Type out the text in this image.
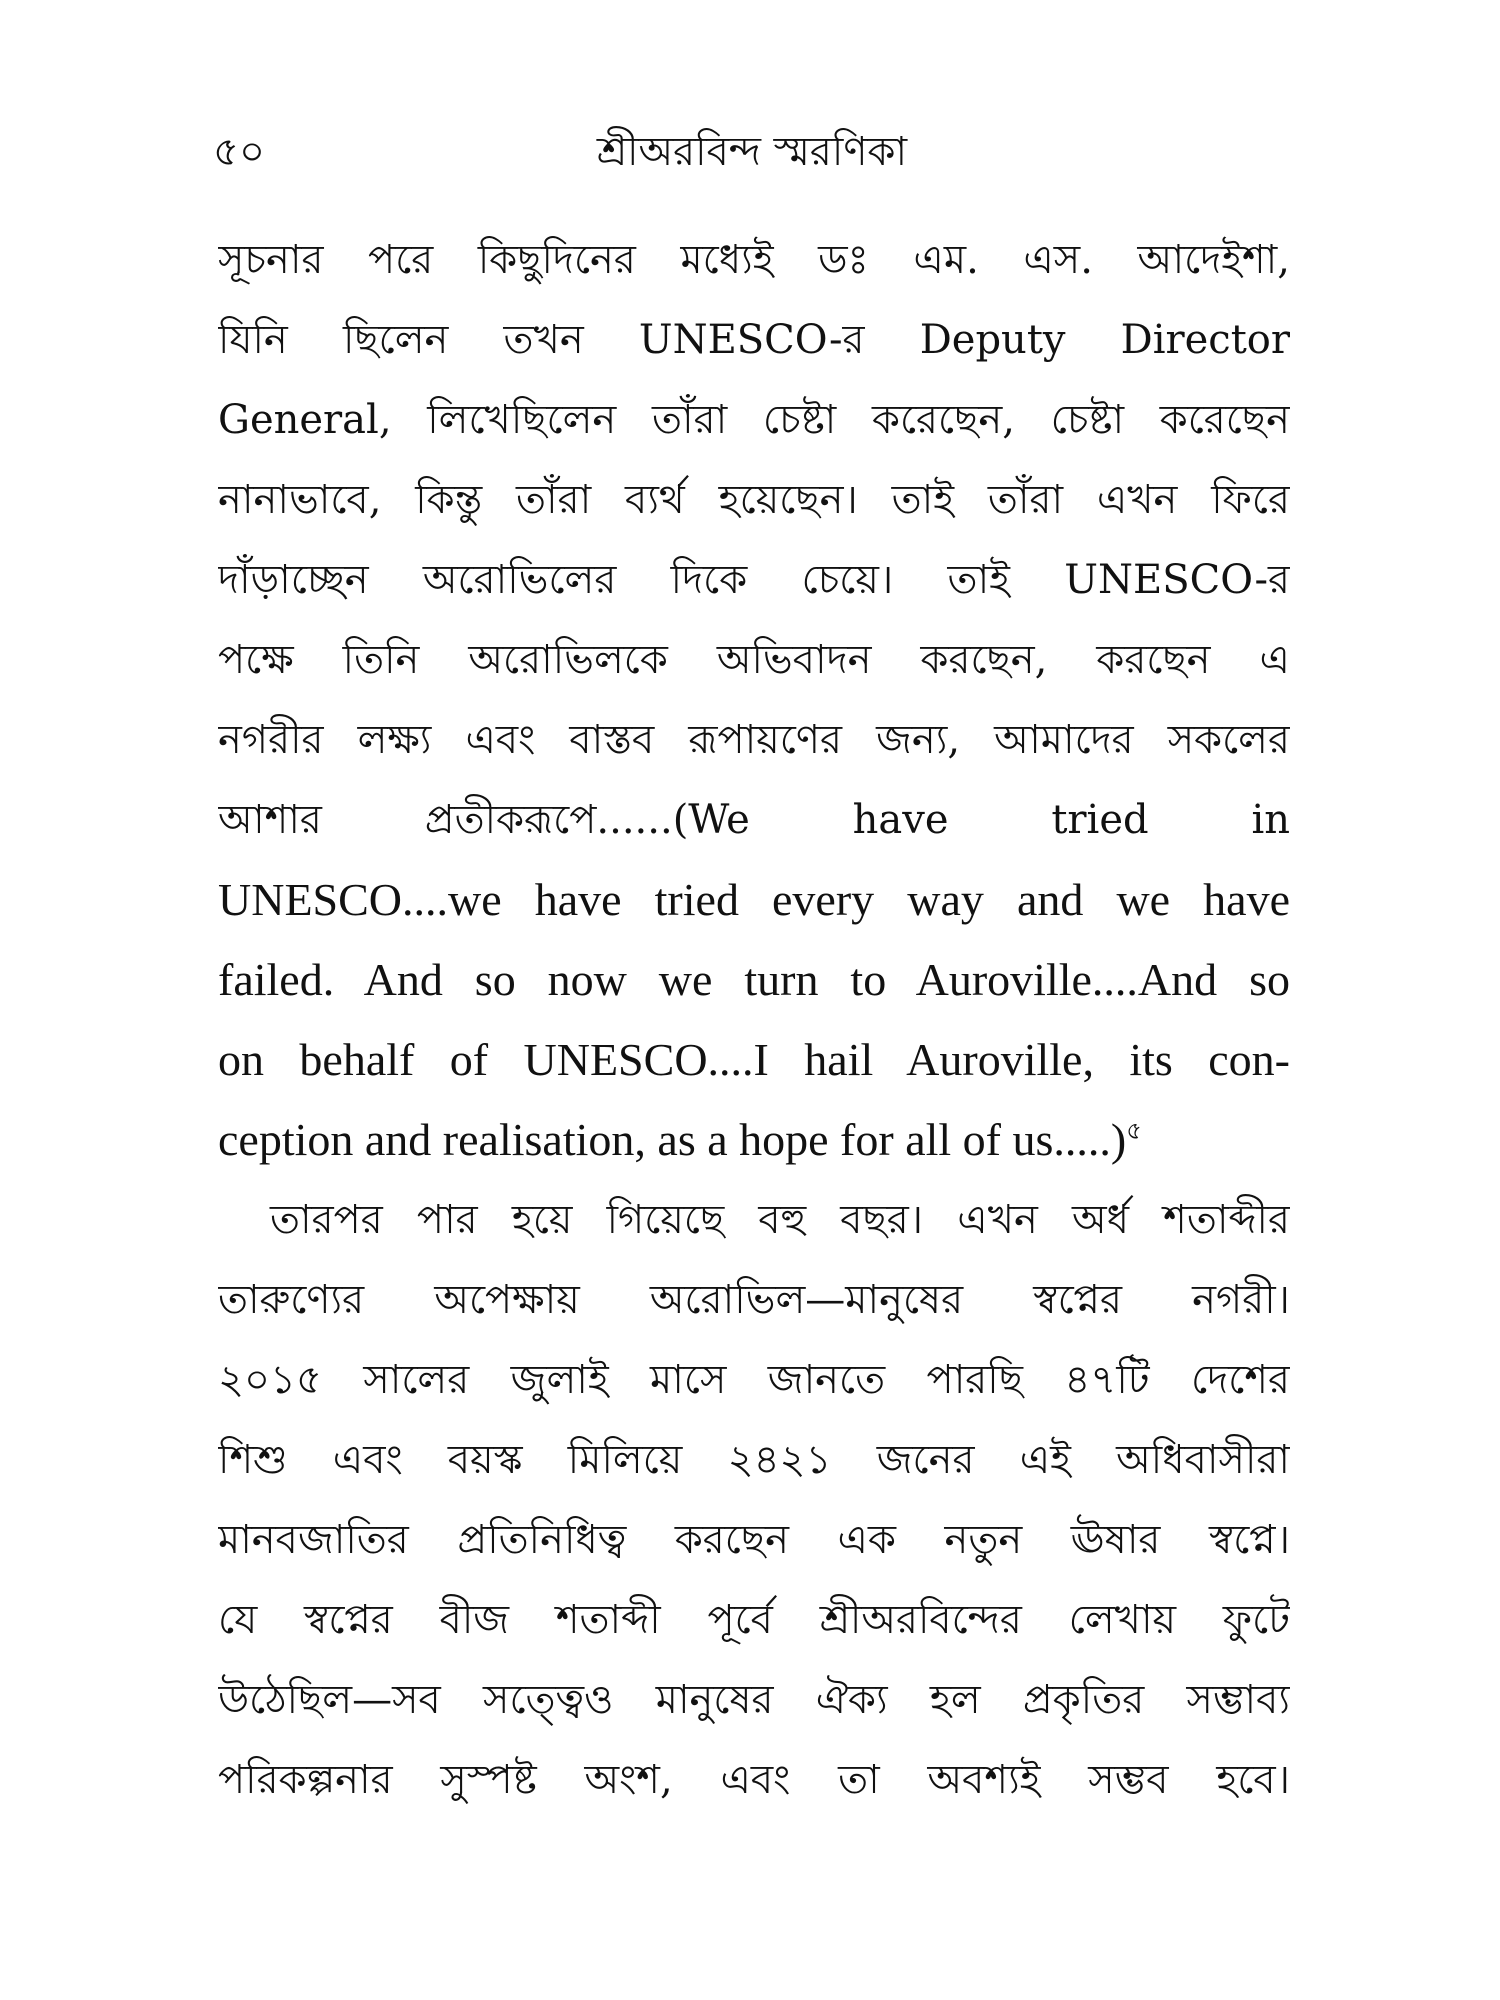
৫০	শ্রীঅরবিন্দ স্মরণিকা
সূচনার পরে কিছুদিনের মধ্যেই ডঃ এম. এস. আদেইশা,
যিনি ছিলেন তখন UNESCO-র Deputy Director
General, লিখেছিলেন তাঁরা চেষ্টা করেছেন, চেষ্টা করেছেন
নানাভাবে, কিন্তু তাঁরা ব্যর্থ হয়েছেন। তাই তাঁরা এখন ফিরে
দাঁড়াচ্ছেন অরোভিলের দিকে চেয়ে। তাই UNESCO-র
পক্ষে তিনি অরোভিলকে অভিবাদন করছেন, করছেন এ
নগরীর লক্ষ্য এবং বাস্তব রূপায়ণের জন্য, আমাদের সকলের
আশার প্রতীকরূপে......(We have tried in
UNESCO....we have tried every way and we have
failed. And so now we turn to Auroville....And so
on behalf of UNESCO....I hail Auroville, its con-
ception and realisation, as a hope for all of us.....)$^৫$
তারপর পার হয়ে গিয়েছে বহু বছর। এখন অর্ধ শতাব্দীর
তারুণ্যের অপেক্ষায় অরোভিল—মানুষের স্বপ্নের নগরী।
২০১৫ সালের জুলাই মাসে জানতে পারছি ৪৭টি দেশের
শিশু এবং বয়স্ক মিলিয়ে ২৪২১ জনের এই অধিবাসীরা
মানবজাতির প্রতিনিধিত্ব করছেন এক নতুন ঊষার স্বপ্নে।
যে স্বপ্নের বীজ শতাব্দী পূর্বে শ্রীঅরবিন্দের লেখায় ফুটে
উঠেছিল—সব সত্ত্বেও মানুষের ঐক্য হল প্রকৃতির সম্ভাব্য
পরিকল্পনার সুস্পষ্ট অংশ, এবং তা অবশ্যই সম্ভব হবে।
